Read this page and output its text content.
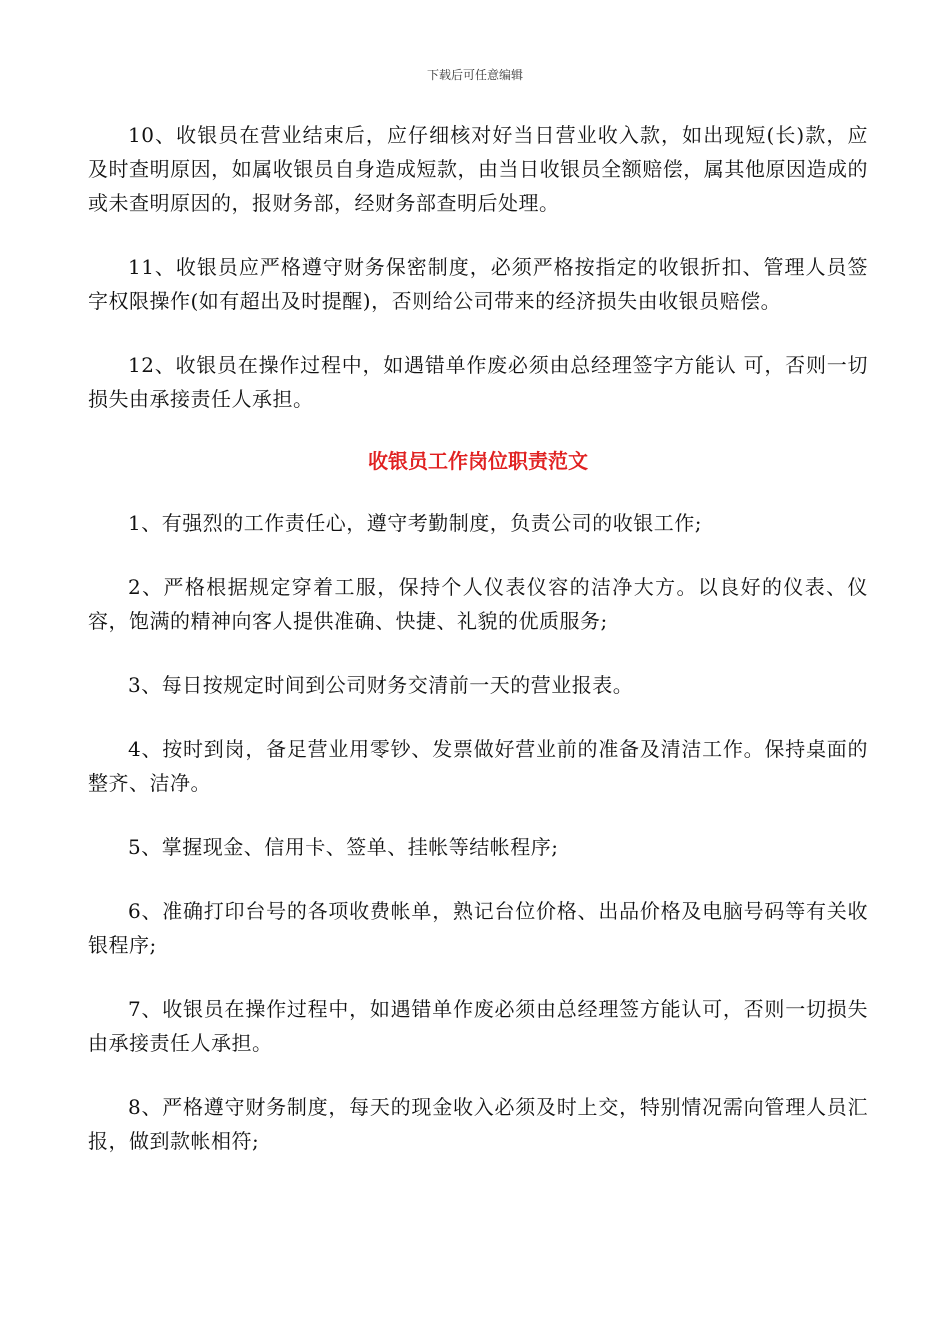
下载后可任意编辑

10、收银员在营业结束后，应仔细核对好当日营业收入款，如出现短(长)款，应及时查明原因，如属收银员自身造成短款，由当日收银员全额赔偿，属其他原因造成的或未查明原因的，报财务部，经财务部查明后处理。

11、收银员应严格遵守财务保密制度，必须严格按指定的收银折扣、管理人员签字权限操作(如有超出及时提醒)，否则给公司带来的经济损失由收银员赔偿。

12、收银员在操作过程中，如遇错单作废必须由总经理签字方能认 可，否则一切损失由承接责任人承担。

收银员工作岗位职责范文

1、有强烈的工作责任心，遵守考勤制度，负责公司的收银工作;

2、严格根据规定穿着工服，保持个人仪表仪容的洁净大方。以良好的仪表、仪容，饱满的精神向客人提供准确、快捷、礼貌的优质服务;

3、每日按规定时间到公司财务交清前一天的营业报表。

4、按时到岗，备足营业用零钞、发票做好营业前的准备及清洁工作。保持桌面的整齐、洁净。

5、掌握现金、信用卡、签单、挂帐等结帐程序;

6、准确打印台号的各项收费帐单，熟记台位价格、出品价格及电脑号码等有关收银程序;

7、收银员在操作过程中，如遇错单作废必须由总经理签方能认可，否则一切损失由承接责任人承担。

8、严格遵守财务制度，每天的现金收入必须及时上交，特别情况需向管理人员汇报，做到款帐相符;
